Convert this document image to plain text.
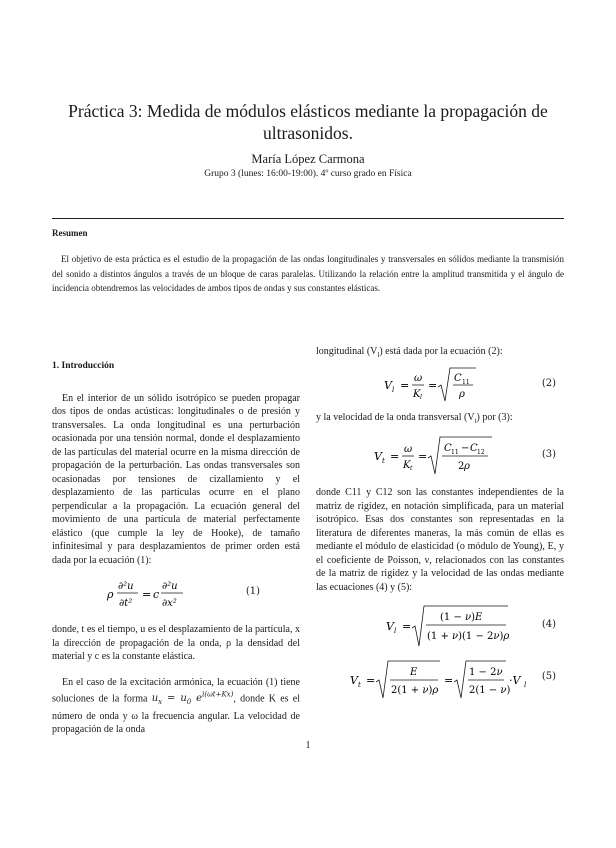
Práctica 3: Medida de módulos elásticos mediante la propagación de ultrasonidos.
María López Carmona
Grupo 3 (lunes: 16:00-19:00). 4º curso grado en Física
Resumen

El objetivo de esta práctica es el estudio de la propagación de las ondas longitudinales y transversales en sólidos mediante la transmisión del sonido a distintos ángulos a través de un bloque de caras paralelas. Utilizando la relación entre la amplitud transmitida y el ángulo de incidencia obtendremos las velocidades de ambos tipos de ondas y sus constantes elásticas.

1. Introducción

En el interior de un sólido isotrópico se pueden propagar dos tipos de ondas acústicas: longitudinales o de presión y transversales. La onda longitudinal es una perturbación ocasionada por una tensión normal, donde el desplazamiento de las partículas del material ocurre en la misma dirección de propagación de la perturbación. Las ondas transversales son ocasionadas por tensiones de cizallamiento y el desplazamiento de las partículas ocurre en el plano perpendicular a la propagación. La ecuación general del movimiento de una partícula de material perfectamente elástico (que cumple la ley de Hooke), de tamaño infinitesimal y para desplazamientos de primer orden está dada por la ecuación (1):

ρ
∂²u
∂t²
= c
∂²u
∂x²
(1)

donde, t es el tiempo, u es el desplazamiento de la partícula, x la dirección de propagación de la onda, ρ la densidad del material y c es la constante elástica.

En el caso de la excitación armónica, la ecuación (1) tiene soluciones de la forma $u_x = u_0$ $e^{i(\omega t+Kx)}$, donde K es el número de onda y ω la frecuencia angular. La velocidad de propagación de la onda

longitudinal $(V_l)$ está dada por la ecuación (2):

V l =
ω
K l
=
C 11
ρ
(2)

y la velocidad de la onda transversal $(V_t)$ por (3):

V t =
ω
K t
=
C 11 − C 12
2 ρ
(3)

donde C11 y C12 son las constantes independientes de la matriz de rigidez, en notación simplificada, para un material isotrópico. Esas dos constantes son representadas en la literatura de diferentes maneras, la más común de ellas es mediante el módulo de elasticidad (o módulo de Young), E, y el coeficiente de Poisson, ν, relacionados con las constantes de la matriz de rigidez y la velocidad de las ondas mediante las ecuaciones (4) y (5):

V l =
(1 − ν)E
(1 + ν)(1 − 2ν)ρ
(4)
V t =
E
2(1 + ν)ρ
=
1 − 2ν
2(1 − ν)
·V l
(5)
1
